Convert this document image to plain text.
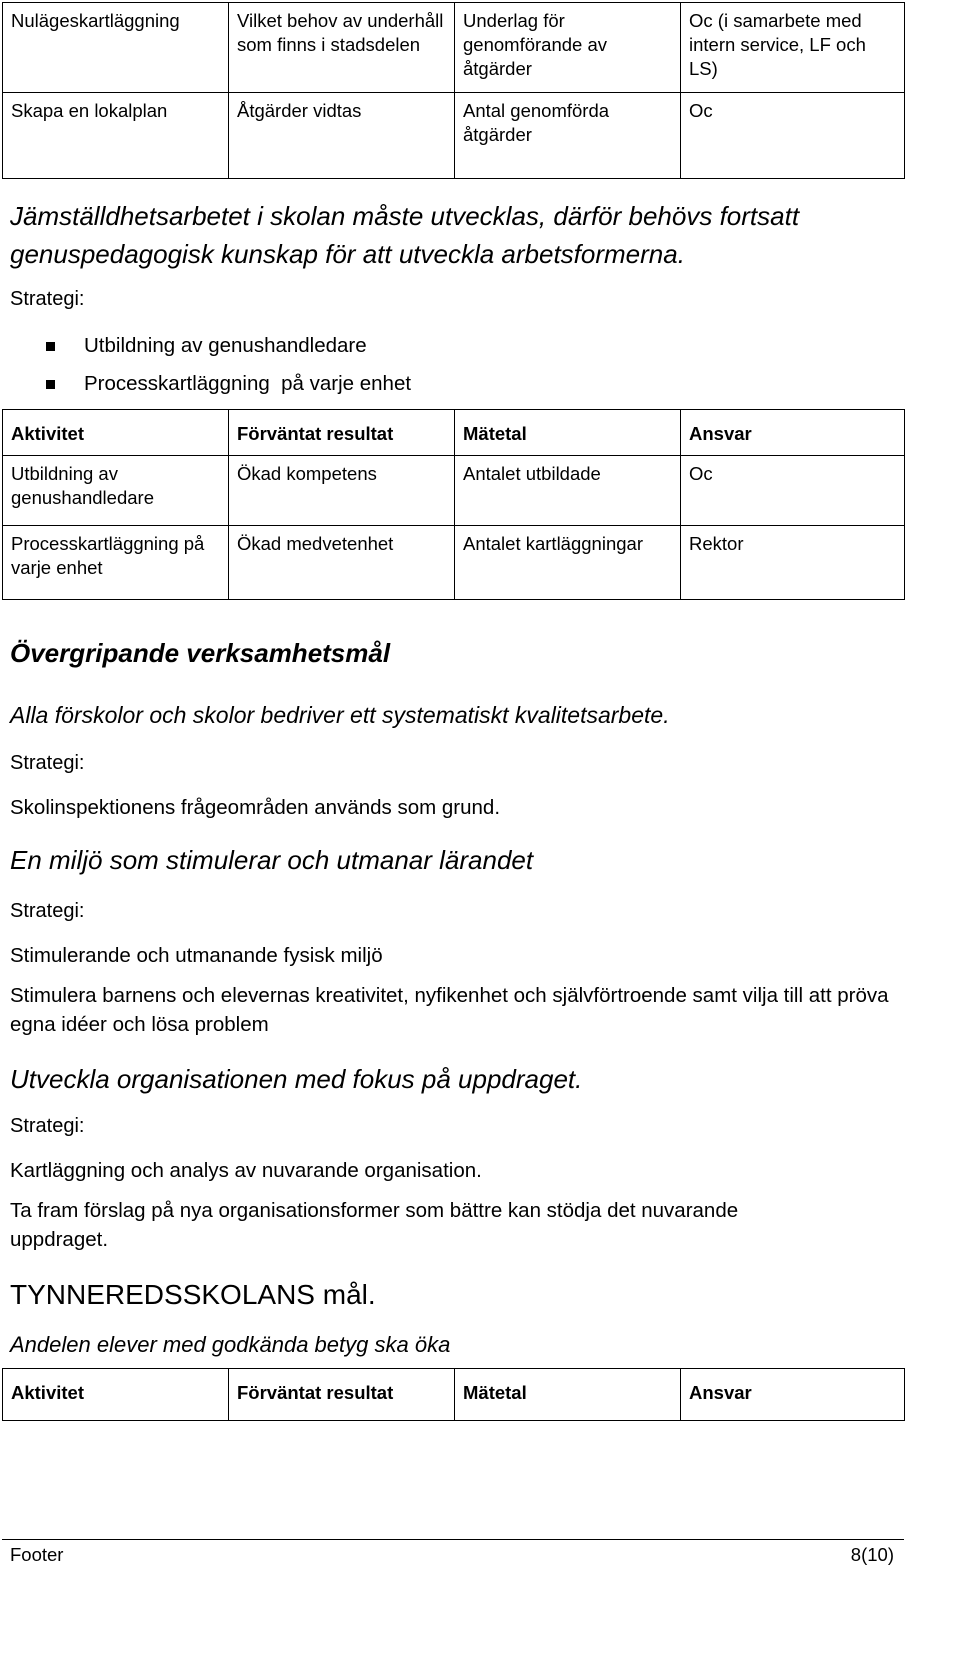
Nulägeskartläggning	Vilket behov av underhåll som finns i stadsdelen	Underlag för genomförande av åtgärder	Oc (i samarbete med intern service, LF och LS)
Skapa en lokalplan	Åtgärder vidtas	Antal genomförda åtgärder	Oc
Jämställdhetsarbetet i skolan måste utvecklas, därför behövs fortsatt genuspedagogisk kunskap för att utveckla arbetsformerna.
Strategi:
Utbildning av genushandledare
Processkartläggning  på varje enhet
Aktivitet	Förväntat resultat	Mätetal	Ansvar
Utbildning av genushandledare	Ökad kompetens	Antalet utbildade	Oc
Processkartläggning på varje enhet	Ökad medvetenhet	Antalet kartläggningar	Rektor
Övergripande verksamhetsmål
Alla förskolor och skolor bedriver ett systematiskt kvalitetsarbete.
Strategi:
Skolinspektionens frågeområden används som grund.
En miljö som stimulerar och utmanar lärandet
Strategi:
Stimulerande och utmanande fysisk miljö
Stimulera barnens och elevernas kreativitet, nyfikenhet och självförtroende samt vilja till att pröva egna idéer och lösa problem
Utveckla organisationen med fokus på uppdraget.
Strategi:
Kartläggning och analys av nuvarande organisation.
Ta fram förslag på nya organisationsformer som bättre kan stödja det nuvarande uppdraget.
TYNNEREDSSKOLANS mål.
Andelen elever med godkända betyg ska öka
Aktivitet	Förväntat resultat	Mätetal	Ansvar
Footer	8(10)
